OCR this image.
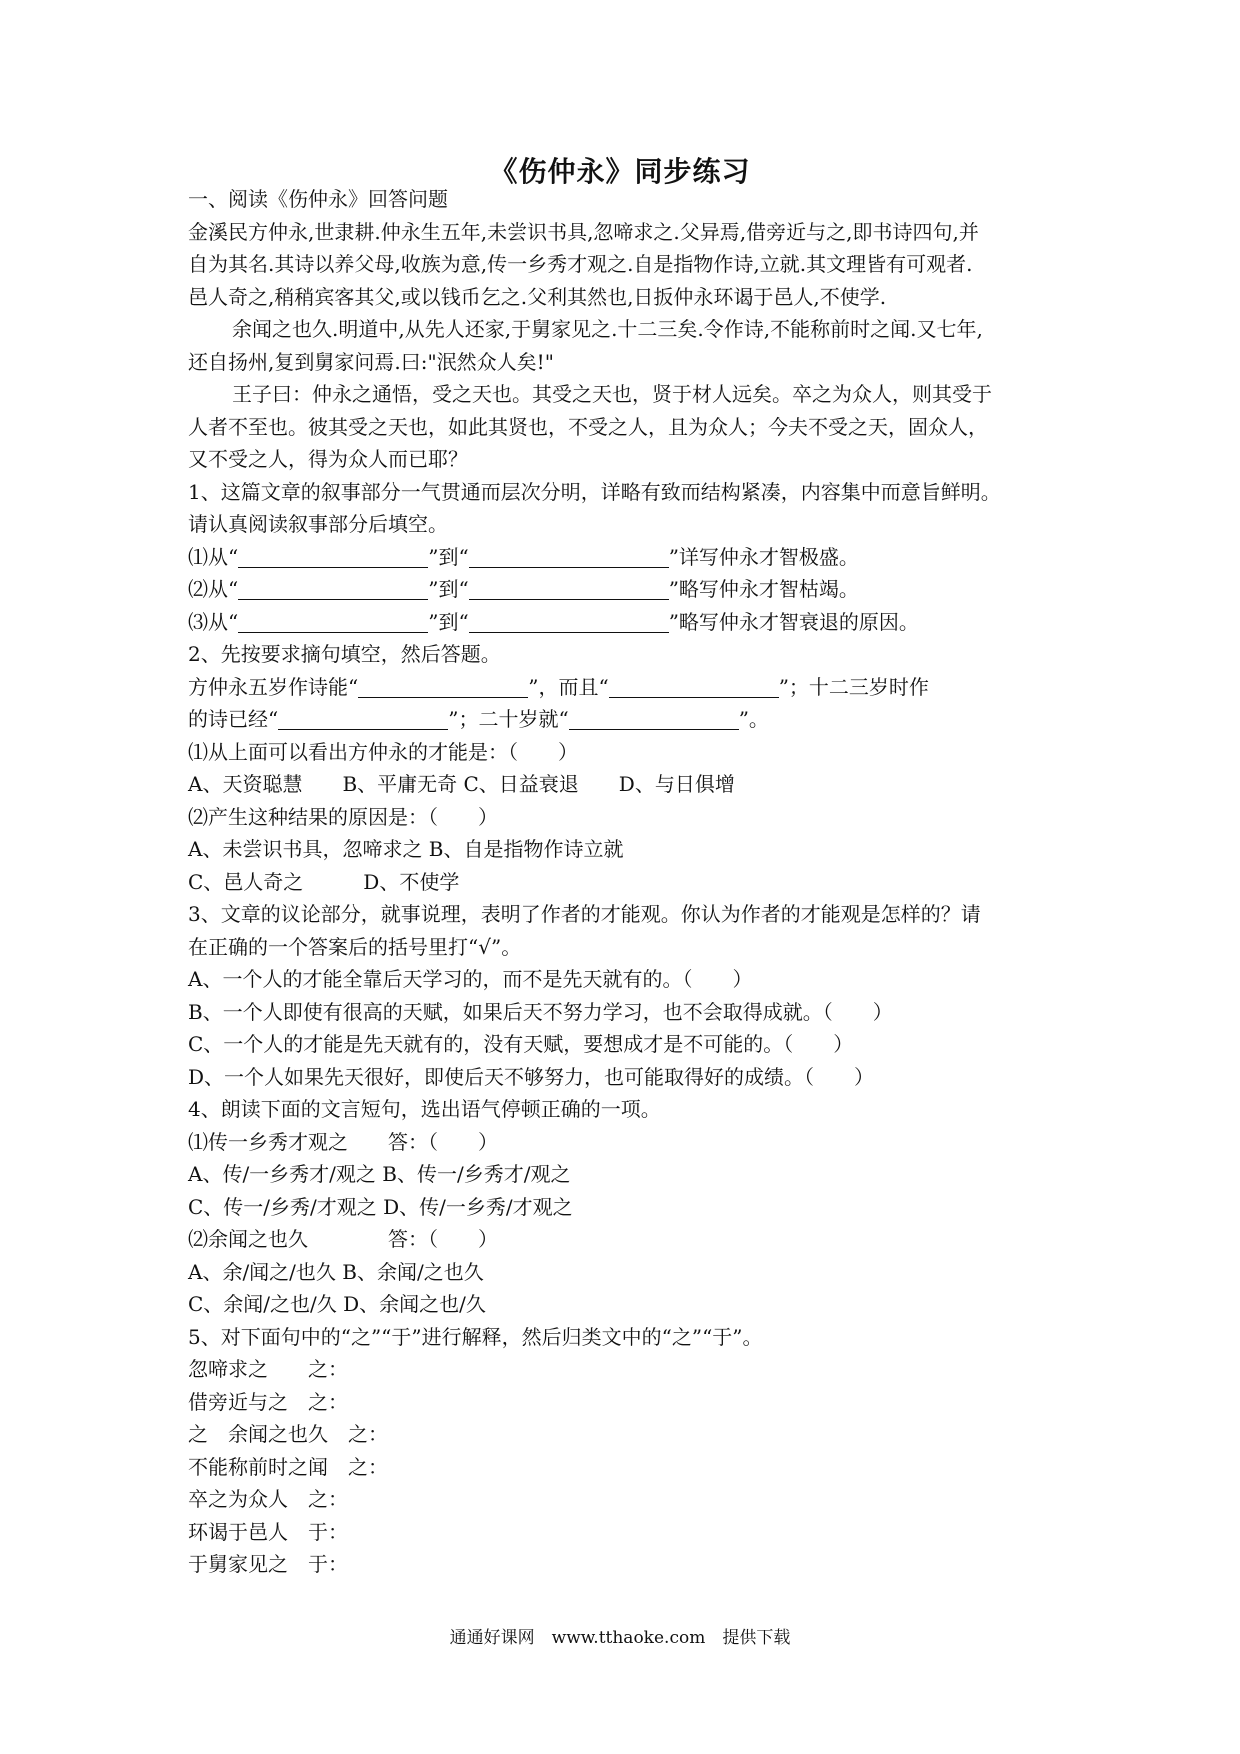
《伤仲永》同步练习
一、阅读《伤仲永》回答问题
金溪民方仲永,世隶耕.仲永生五年,未尝识书具,忽啼求之.父异焉,借旁近与之,即书诗四句,并
自为其名.其诗以养父母,收族为意,传一乡秀才观之.自是指物作诗,立就.其文理皆有可观者.
邑人奇之,稍稍宾客其父,或以钱币乞之.父利其然也,日扳仲永环谒于邑人,不使学.
余闻之也久.明道中,从先人还家,于舅家见之.十二三矣.令作诗,不能称前时之闻.又七年,
还自扬州,复到舅家问焉.曰:"泯然众人矣!"
王子曰：仲永之通悟，受之天也。其受之天也，贤于材人远矣。卒之为众人，则其受于
人者不至也。彼其受之天也，如此其贤也，不受之人，且为众人；今夫不受之天，固众人，
又不受之人，得为众人而已耶？
1、这篇文章的叙事部分一气贯通而层次分明，详略有致而结构紧凑，内容集中而意旨鲜明。
请认真阅读叙事部分后填空。
⑴从“	”到“	”详写仲永才智极盛。
⑵从“	”到“	”略写仲永才智枯竭。
⑶从“	”到“	”略写仲永才智衰退的原因。
2、先按要求摘句填空，然后答题。
方仲永五岁作诗能“	”，而且“	”；十二三岁时作
的诗已经“	”；二十岁就“	”。
⑴从上面可以看出方仲永的才能是：（　　）
A、天资聪慧　　B、平庸无奇 C、日益衰退　　D、与日俱增
⑵产生这种结果的原因是：（　　）
A、未尝识书具，忽啼求之 B、自是指物作诗立就
C、邑人奇之　　　D、不使学
3、文章的议论部分，就事说理，表明了作者的才能观。你认为作者的才能观是怎样的？请
在正确的一个答案后的括号里打“√”。
A、一个人的才能全靠后天学习的，而不是先天就有的。（　　）
B、一个人即使有很高的天赋，如果后天不努力学习，也不会取得成就。（　　）
C、一个人的才能是先天就有的，没有天赋，要想成才是不可能的。（　　）
D、一个人如果先天很好，即使后天不够努力，也可能取得好的成绩。（　　）
4、朗读下面的文言短句，选出语气停顿正确的一项。
⑴传一乡秀才观之　　答：（　　）
A、传/一乡秀才/观之 B、传一/乡秀才/观之
C、传一/乡秀/才观之 D、传/一乡秀/才观之
⑵余闻之也久　　　　答：（　　）
A、余/闻之/也久 B、余闻/之也久
C、余闻/之也/久 D、余闻之也/久
5、对下面句中的“之”“于”进行解释，然后归类文中的“之”“于”。
忽啼求之　　之：
借旁近与之　之：
之　余闻之也久　之：
不能称前时之闻　之：
卒之为众人　之：
环谒于邑人　于：
于舅家见之　于：
通通好课网　www.tthaoke.com　提供下载
